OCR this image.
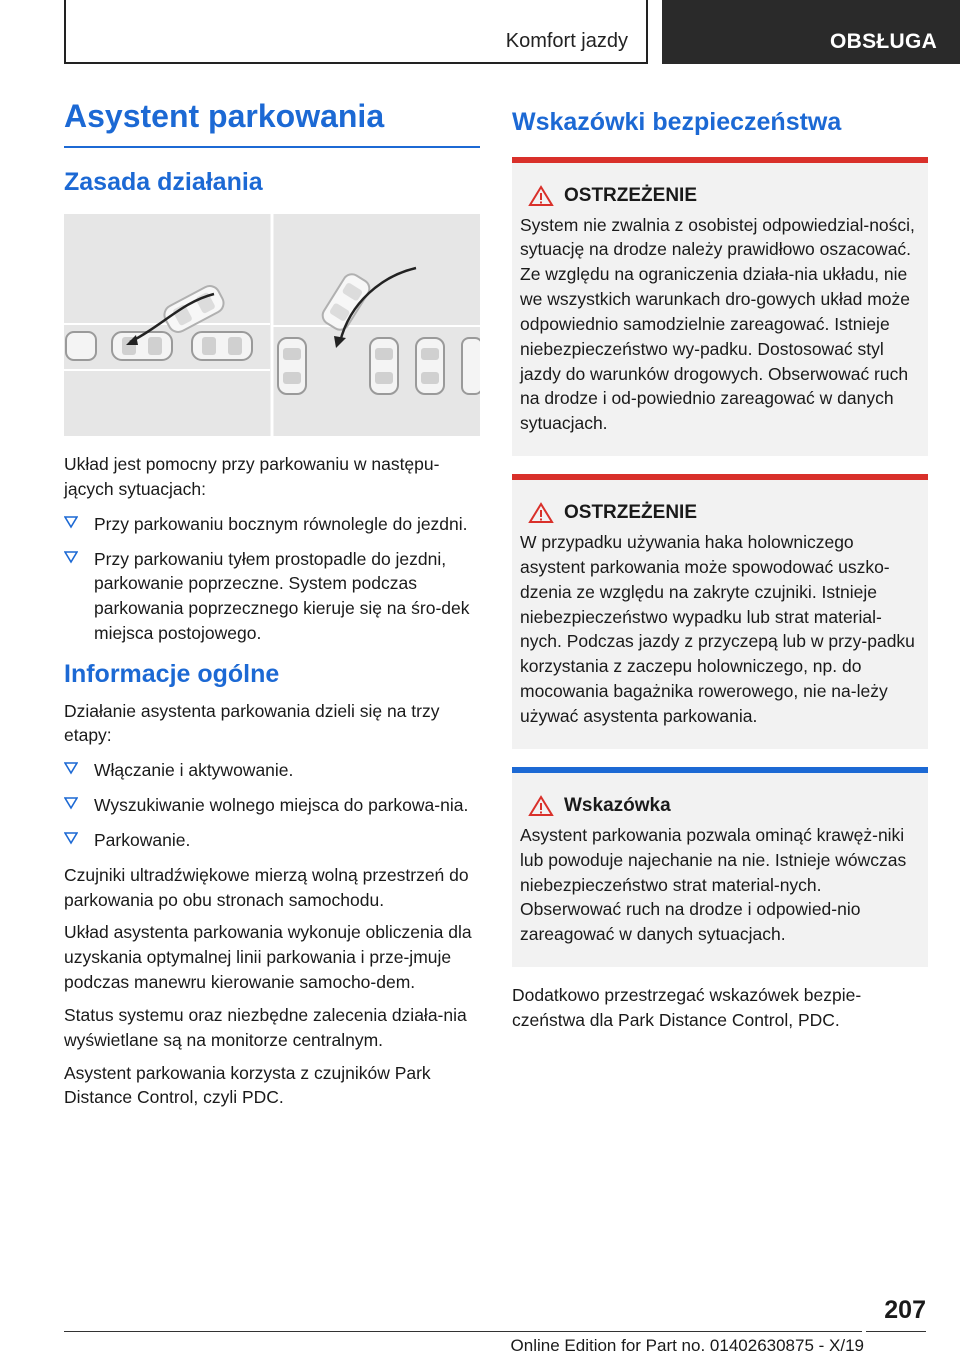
Komfort jazdy	OBSŁUGA
Asystent parkowania
Zasada działania

Układ jest pomocny przy parkowaniu w następu-jących sytuacjach:

Przy parkowaniu bocznym równolegle do jezdni.
Przy parkowaniu tyłem prostopadle do jezdni, parkowanie poprzeczne. System podczas parkowania poprzecznego kieruje się na śro-dek miejsca postojowego.
Informacje ogólne

Działanie asystenta parkowania dzieli się na trzy etapy:

Włączanie i aktywowanie.
Wyszukiwanie wolnego miejsca do parkowa-nia.
Parkowanie.

Czujniki ultradźwiękowe mierzą wolną przestrzeń do parkowania po obu stronach samochodu.

Układ asystenta parkowania wykonuje obliczenia dla uzyskania optymalnej linii parkowania i prze-jmuje podczas manewru kierowanie samocho-dem.

Status systemu oraz niezbędne zalecenia działa-nia wyświetlane są na monitorze centralnym.

Asystent parkowania korzysta z czujników Park Distance Control, czyli PDC.

Wskazówki bezpieczeństwa
OSTRZEŻENIE
System nie zwalnia z osobistej odpowiedzial-ności, sytuację na drodze należy prawidłowo oszacować. Ze względu na ograniczenia działa-nia układu, nie we wszystkich warunkach dro-gowych układ może odpowiednio samodzielnie zareagować. Istnieje niebezpieczeństwo wy-padku. Dostosować styl jazdy do warunków drogowych. Obserwować ruch na drodze i od-powiednio zareagować w danych sytuacjach.
OSTRZEŻENIE
W przypadku używania haka holowniczego asystent parkowania może spowodować uszko-dzenia ze względu na zakryte czujniki. Istnieje niebezpieczeństwo wypadku lub strat material-nych. Podczas jazdy z przyczepą lub w przy-padku korzystania z zaczepu holowniczego, np. do mocowania bagażnika rowerowego, nie na-leży używać asystenta parkowania.
Wskazówka
Asystent parkowania pozwala ominąć krawęż-niki lub powoduje najechanie na nie. Istnieje wówczas niebezpieczeństwo strat material-nych. Obserwować ruch na drodze i odpowied-nio zareagować w danych sytuacjach.

Dodatkowo przestrzegać wskazówek bezpie-czeństwa dla Park Distance Control, PDC.

207
Online Edition for Part no. 01402630875 - X/19
